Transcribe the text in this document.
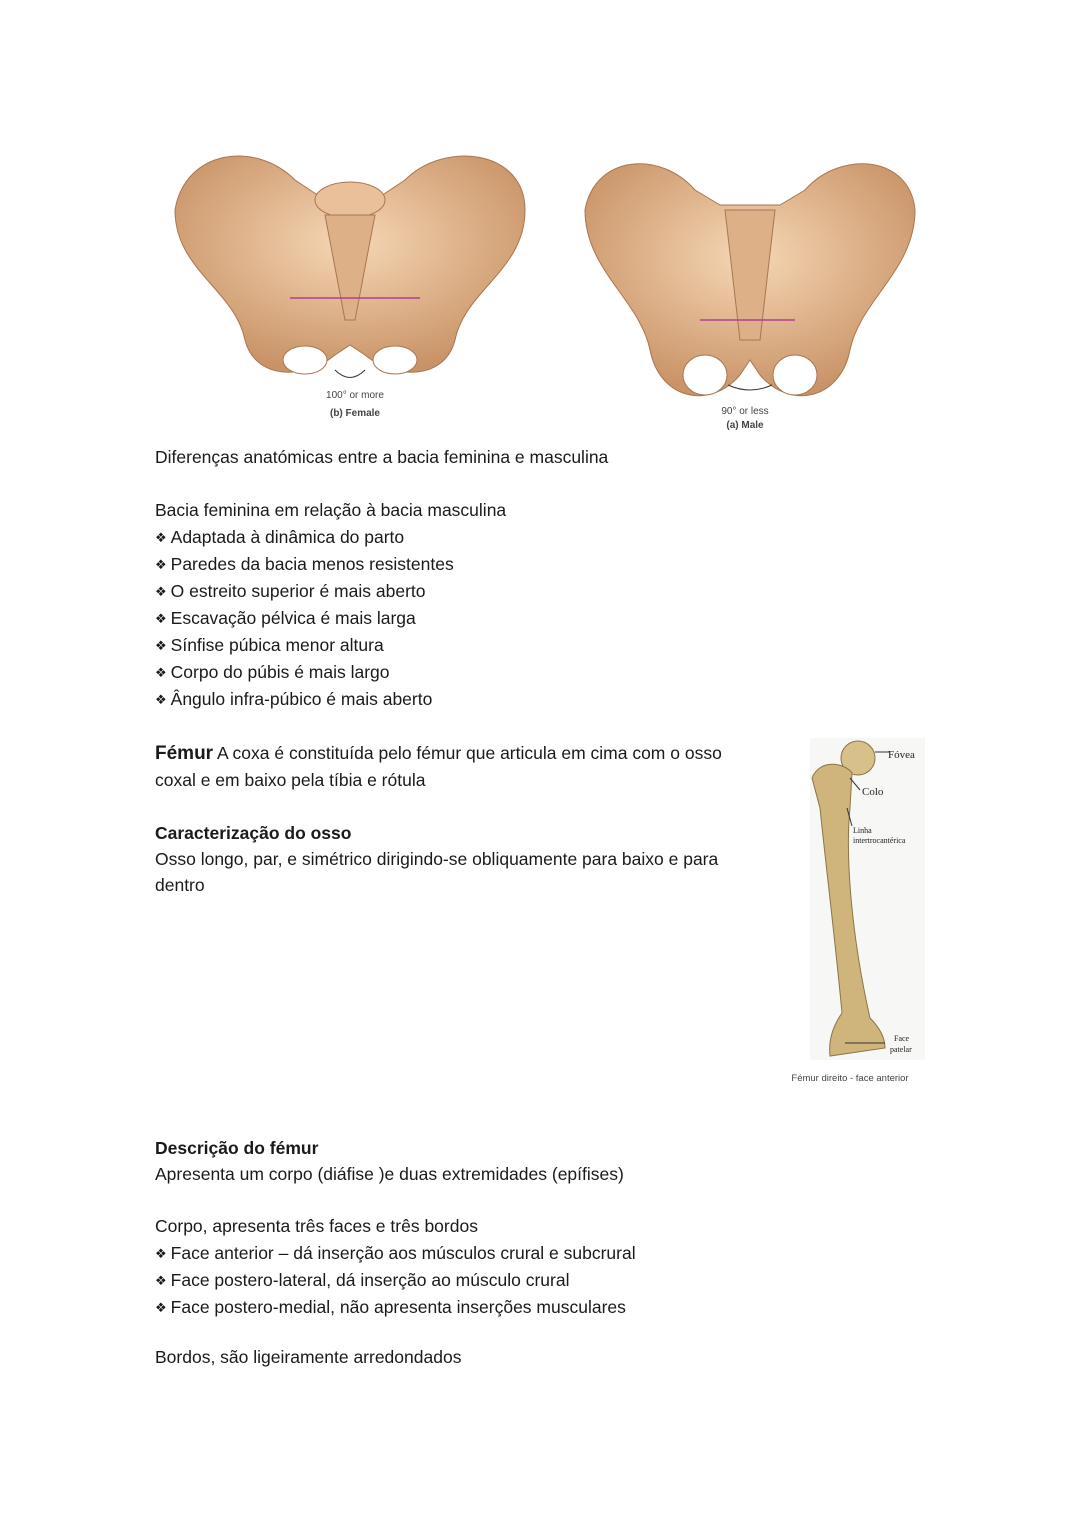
100° or more
(b) Female	90° or less
(a) Male
Diferenças anatómicas entre a bacia feminina e masculina
Bacia feminina em relação à bacia masculina
❖ Adaptada à dinâmica do parto
❖ Paredes da bacia menos resistentes
❖ O estreito superior é mais aberto
❖ Escavação pélvica é mais larga
❖ Sínfise púbica menor altura
❖ Corpo do púbis é mais largo
❖ Ângulo infra-púbico é mais aberto
Fémur A coxa é constituída pelo fémur que articula em cima com o osso
coxal e em baixo pela tíbia e rótula
Caracterização do osso
Osso longo, par, e simétrico dirigindo-se obliquamente para baixo e para
dentro
Fóvea
Colo
Linha
intertrocantérica
Face
patelar
Fémur direito - face anterior
Descrição do fémur
Apresenta um corpo (diáfise )e duas extremidades (epífises)
Corpo, apresenta três faces e três bordos
❖ Face anterior – dá inserção aos músculos crural e subcrural
❖ Face postero-lateral, dá inserção ao músculo crural
❖ Face postero-medial, não apresenta inserções musculares
Bordos, são ligeiramente arredondados
